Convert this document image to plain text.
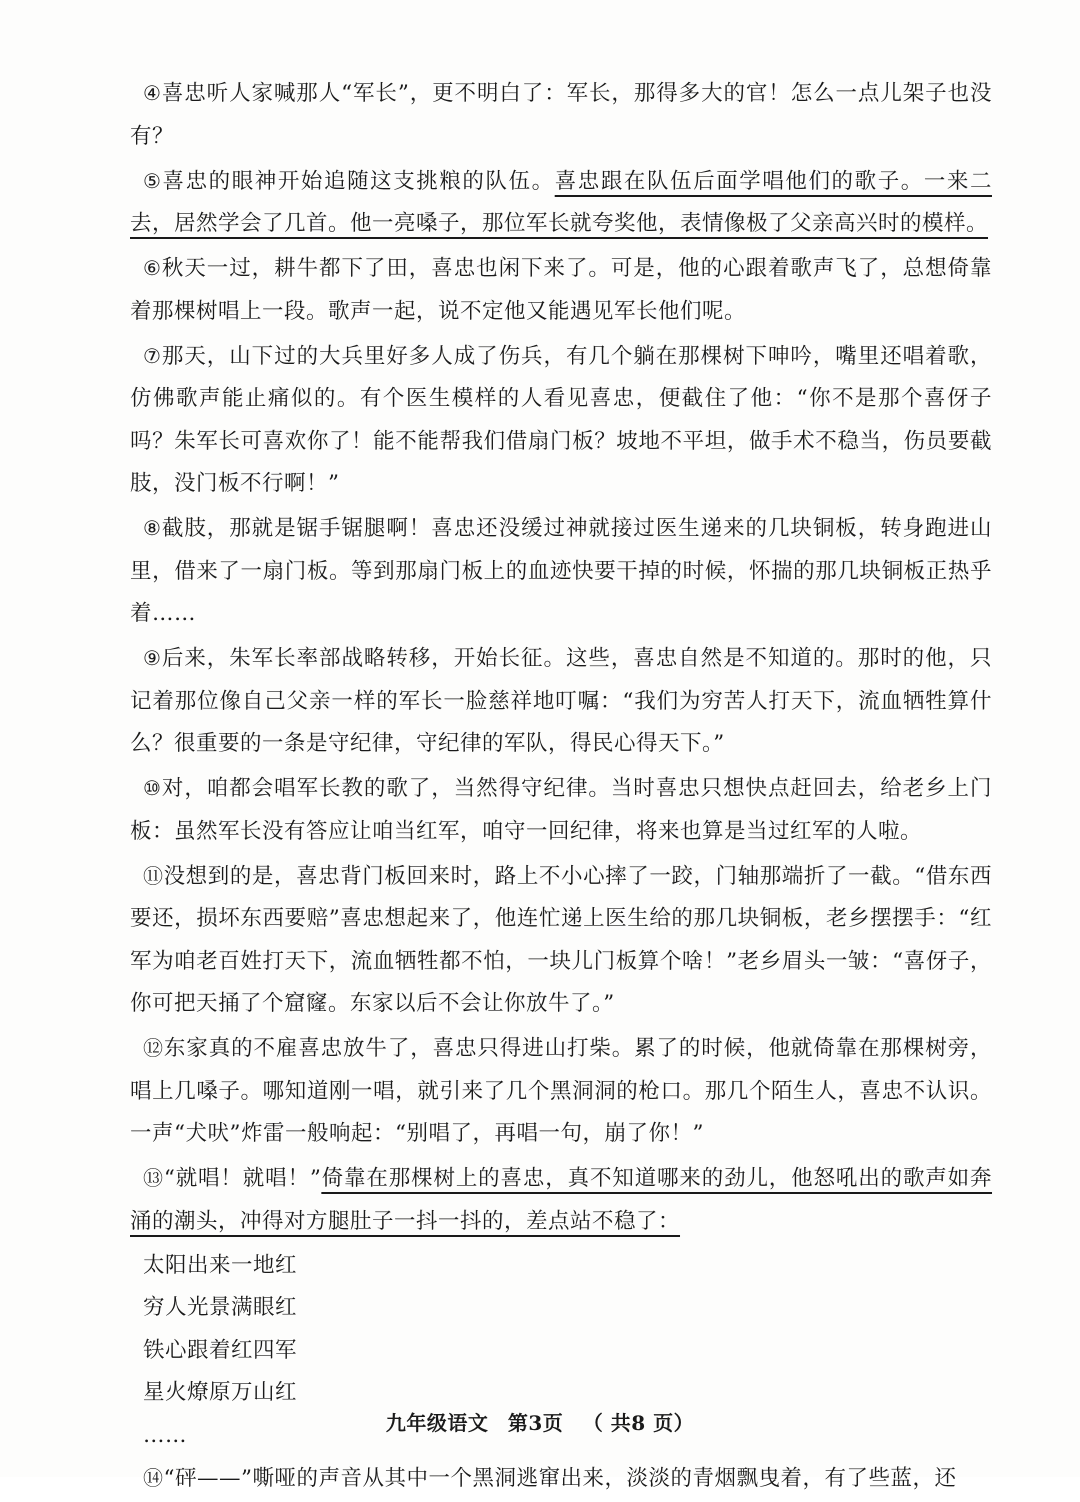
④喜忠听人家喊那人“军长”，更不明白了：军长，那得多大的官！怎么一点儿架子也没有？

⑤喜忠的眼神开始追随这支挑粮的队伍。喜忠跟在队伍后面学唱他们的歌子。一来二去，居然学会了几首。他一亮嗓子，那位军长就夸奖他，表情像极了父亲高兴时的模样。

⑥秋天一过，耕牛都下了田，喜忠也闲下来了。可是，他的心跟着歌声飞了，总想倚靠着那棵树唱上一段。歌声一起，说不定他又能遇见军长他们呢。

⑦那天，山下过的大兵里好多人成了伤兵，有几个躺在那棵树下呻吟，嘴里还唱着歌，仿佛歌声能止痛似的。有个医生模样的人看见喜忠，便截住了他：“你不是那个喜伢子吗？朱军长可喜欢你了！能不能帮我们借扇门板？坡地不平坦，做手术不稳当，伤员要截肢，没门板不行啊！”

⑧截肢，那就是锯手锯腿啊！喜忠还没缓过神就接过医生递来的几块铜板，转身跑进山里，借来了一扇门板。等到那扇门板上的血迹快要干掉的时候，怀揣的那几块铜板正热乎着……

⑨后来，朱军长率部战略转移，开始长征。这些，喜忠自然是不知道的。那时的他，只记着那位像自己父亲一样的军长一脸慈祥地叮嘱：“我们为穷苦人打天下，流血牺牲算什么？很重要的一条是守纪律，守纪律的军队，得民心得天下。”

⑩对，咱都会唱军长教的歌了，当然得守纪律。当时喜忠只想快点赶回去，给老乡上门板：虽然军长没有答应让咱当红军，咱守一回纪律，将来也算是当过红军的人啦。

⑪没想到的是，喜忠背门板回来时，路上不小心摔了一跤，门轴那端折了一截。“借东西要还，损坏东西要赔”喜忠想起来了，他连忙递上医生给的那几块铜板，老乡摆摆手：“红军为咱老百姓打天下，流血牺牲都不怕，一块儿门板算个啥！”老乡眉头一皱：“喜伢子，你可把天捅了个窟窿。东家以后不会让你放牛了。”

⑫东家真的不雇喜忠放牛了，喜忠只得进山打柴。累了的时候，他就倚靠在那棵树旁，唱上几嗓子。哪知道刚一唱，就引来了几个黑洞洞的枪口。那几个陌生人，喜忠不认识。一声“犬吠”炸雷一般响起：“别唱了，再唱一句，崩了你！”

⑬“就唱！就唱！”倚靠在那棵树上的喜忠，真不知道哪来的劲儿，他怒吼出的歌声如奔涌的潮头，冲得对方腿肚子一抖一抖的，差点站不稳了：

太阳出来一地红
穷人光景满眼红
铁心跟着红四军
星火燎原万山红
……

⑭“砰——”嘶哑的声音从其中一个黑洞逃窜出来，淡淡的青烟飘曳着，有了些蓝，还

九年级语文 第3页 （ 共8 页）
